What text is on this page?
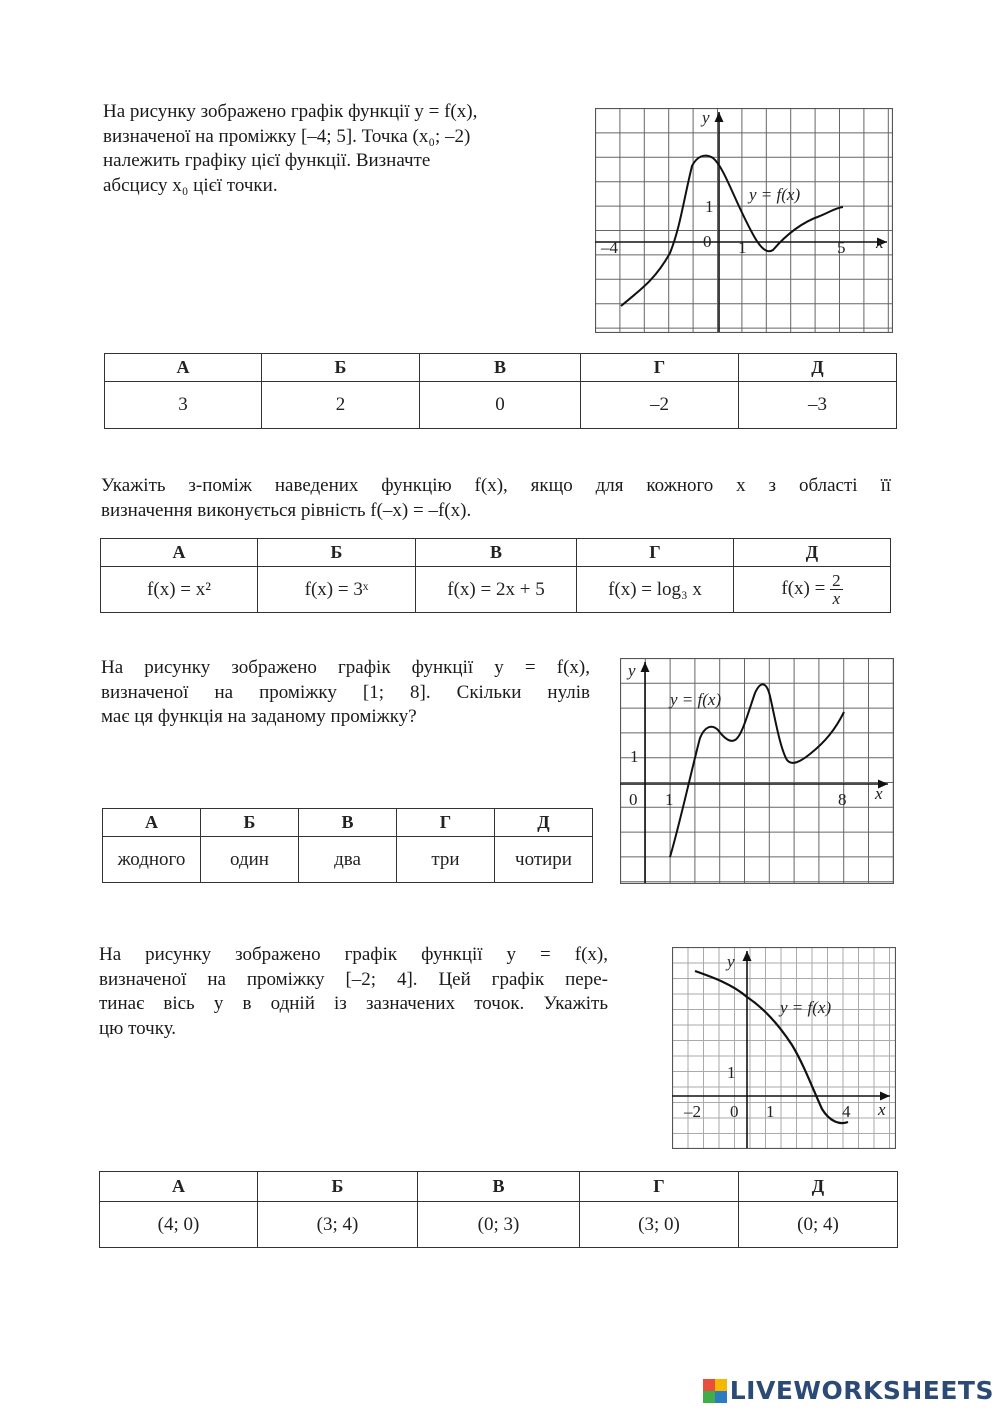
На рисунку зображено графік функції y = f(x),
визначеної на проміжку [–4; 5]. Точка (x₀; –2)
належить графіку цієї функції. Визначте
абсцису x₀ цієї точки.
y
x
y = f(x)
–4	0 1	5
1
А	Б	В	Г	Д
3	2	0	–2	–3
Укажіть з-поміж наведених функцію f(x), якщо для кожного x з області її
визначення виконується рівність f(–x) = –f(x).
А	Б	В	Г	Д
f(x) = x²	f(x) = 3ˣ	f(x) = 2x + 5	f(x) = log₃ x	$f(x) = \frac{2}{x}$
На рисунку зображено графік функції y = f(x),
визначеної на проміжку [1; 8]. Скільки нулів
має ця функція на заданому проміжку?
y
x
y = f(x)
0 1	8
1
А	Б	В	Г	Д
жодного	один	два	три	чотири
На рисунку зображено графік функції y = f(x),
визначеної на проміжку [–2; 4]. Цей графік пере-
тинає вісь y в одній із зазначених точок. Укажіть
цю точку.
y
x
y = f(x)
–2 0 1	4
1
А	Б	В	Г	Д
(4; 0)	(3; 4)	(0; 3)	(3; 0)	(0; 4)
LIVEWORKSHEETS
